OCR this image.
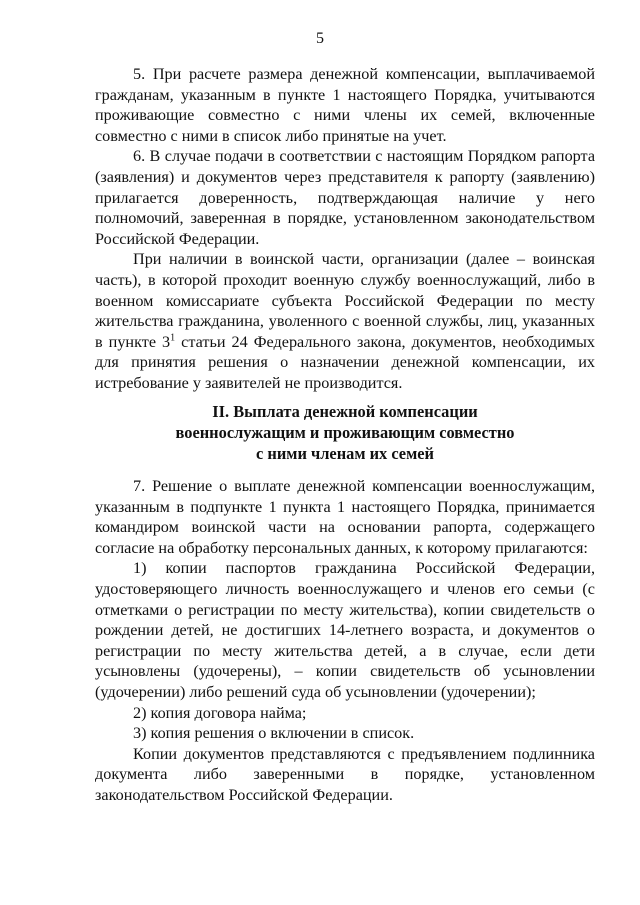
5

5. При расчете размера денежной компенсации, выплачиваемой гражданам, указанным в пункте 1 настоящего Порядка, учитываются проживающие совместно с ними члены их семей, включенные совместно с ними в список либо принятые на учет.

6. В случае подачи в соответствии с настоящим Порядком рапорта (заявления) и документов через представителя к рапорту (заявлению) прилагается доверенность, подтверждающая наличие у него полномочий, заверенная в порядке, установленном законодательством Российской Федерации.

При наличии в воинской части, организации (далее – воинская часть), в которой проходит военную службу военнослужащий, либо в военном комиссариате субъекта Российской Федерации по месту жительства гражданина, уволенного с военной службы, лиц, указанных в пункте $3^1$ статьи 24 Федерального закона, документов, необходимых для принятия решения о назначении денежной компенсации, их истребование у заявителей не производится.

II. Выплата денежной компенсации

военнослужащим и проживающим совместно

с ними членам их семей

7. Решение о выплате денежной компенсации военнослужащим, указанным в подпункте 1 пункта 1 настоящего Порядка, принимается командиром воинской части на основании рапорта, содержащего согласие на обработку персональных данных, к которому прилагаются:

1) копии паспортов гражданина Российской Федерации, удостоверяющего личность военнослужащего и членов его семьи (с отметками о регистрации по месту жительства), копии свидетельств о рождении детей, не достигших 14-летнего возраста, и документов о регистрации по месту жительства детей, а в случае, если дети усыновлены (удочерены), – копии свидетельств об усыновлении (удочерении) либо решений суда об усыновлении (удочерении);

2) копия договора найма;

3) копия решения о включении в список.

Копии документов представляются с предъявлением подлинника документа либо заверенными в порядке, установленном законодательством Российской Федерации.
